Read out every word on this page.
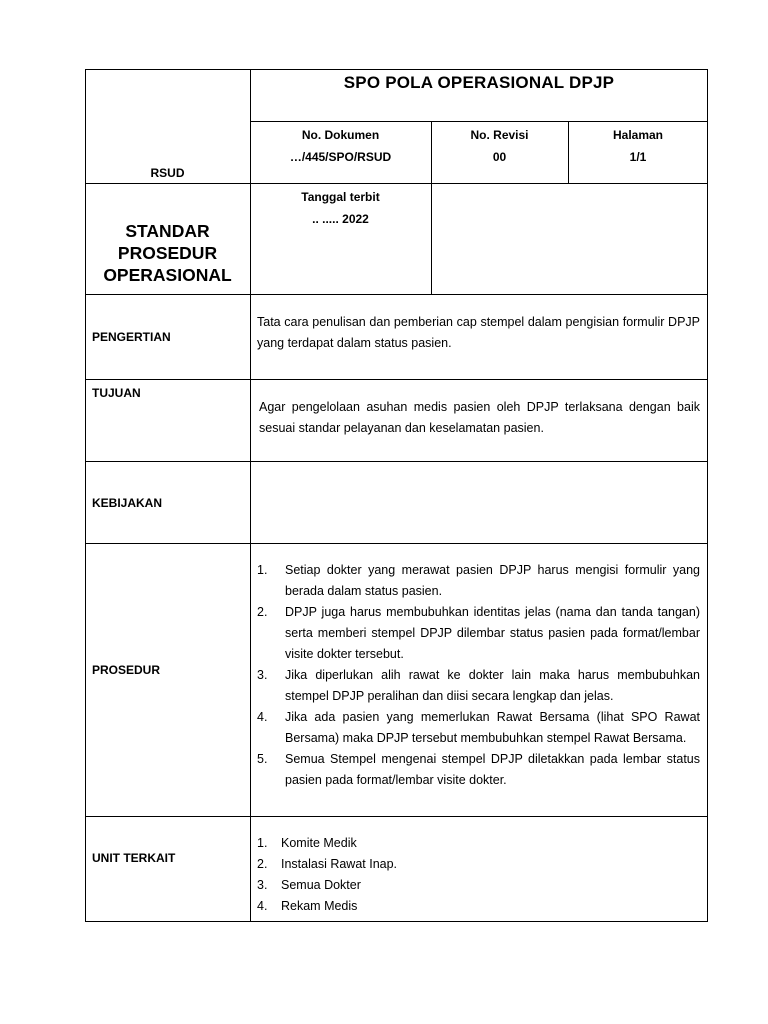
SPO POLA OPERASIONAL DPJP
RSUD
No. Dokumen
…/445/SPO/RSUD
No. Revisi
00
Halaman
1/1
STANDAR
PROSEDUR
OPERASIONAL
Tanggal terbit
.. ..... 2022
PENGERTIAN
Tata cara penulisan dan pemberian cap stempel dalam pengisian formulir DPJP yang terdapat dalam status pasien.
TUJUAN
Agar pengelolaan asuhan medis pasien oleh DPJP terlaksana dengan baik sesuai standar pelayanan dan keselamatan pasien.
KEBIJAKAN
PROSEDUR
1. Setiap dokter yang merawat pasien DPJP harus mengisi formulir yang berada dalam status pasien.
2. DPJP juga harus membubuhkan identitas jelas (nama dan tanda tangan) serta memberi stempel DPJP dilembar status pasien pada format/lembar visite dokter tersebut.
3. Jika diperlukan alih rawat ke dokter lain maka harus membubuhkan stempel DPJP peralihan dan diisi secara lengkap dan jelas.
4. Jika ada pasien yang memerlukan Rawat Bersama (lihat SPO Rawat Bersama) maka DPJP tersebut membubuhkan stempel Rawat Bersama.
5. Semua Stempel mengenai stempel DPJP diletakkan pada lembar status pasien pada format/lembar visite dokter.
UNIT TERKAIT
1. Komite Medik
2. Instalasi Rawat Inap.
3. Semua Dokter
4. Rekam Medis
